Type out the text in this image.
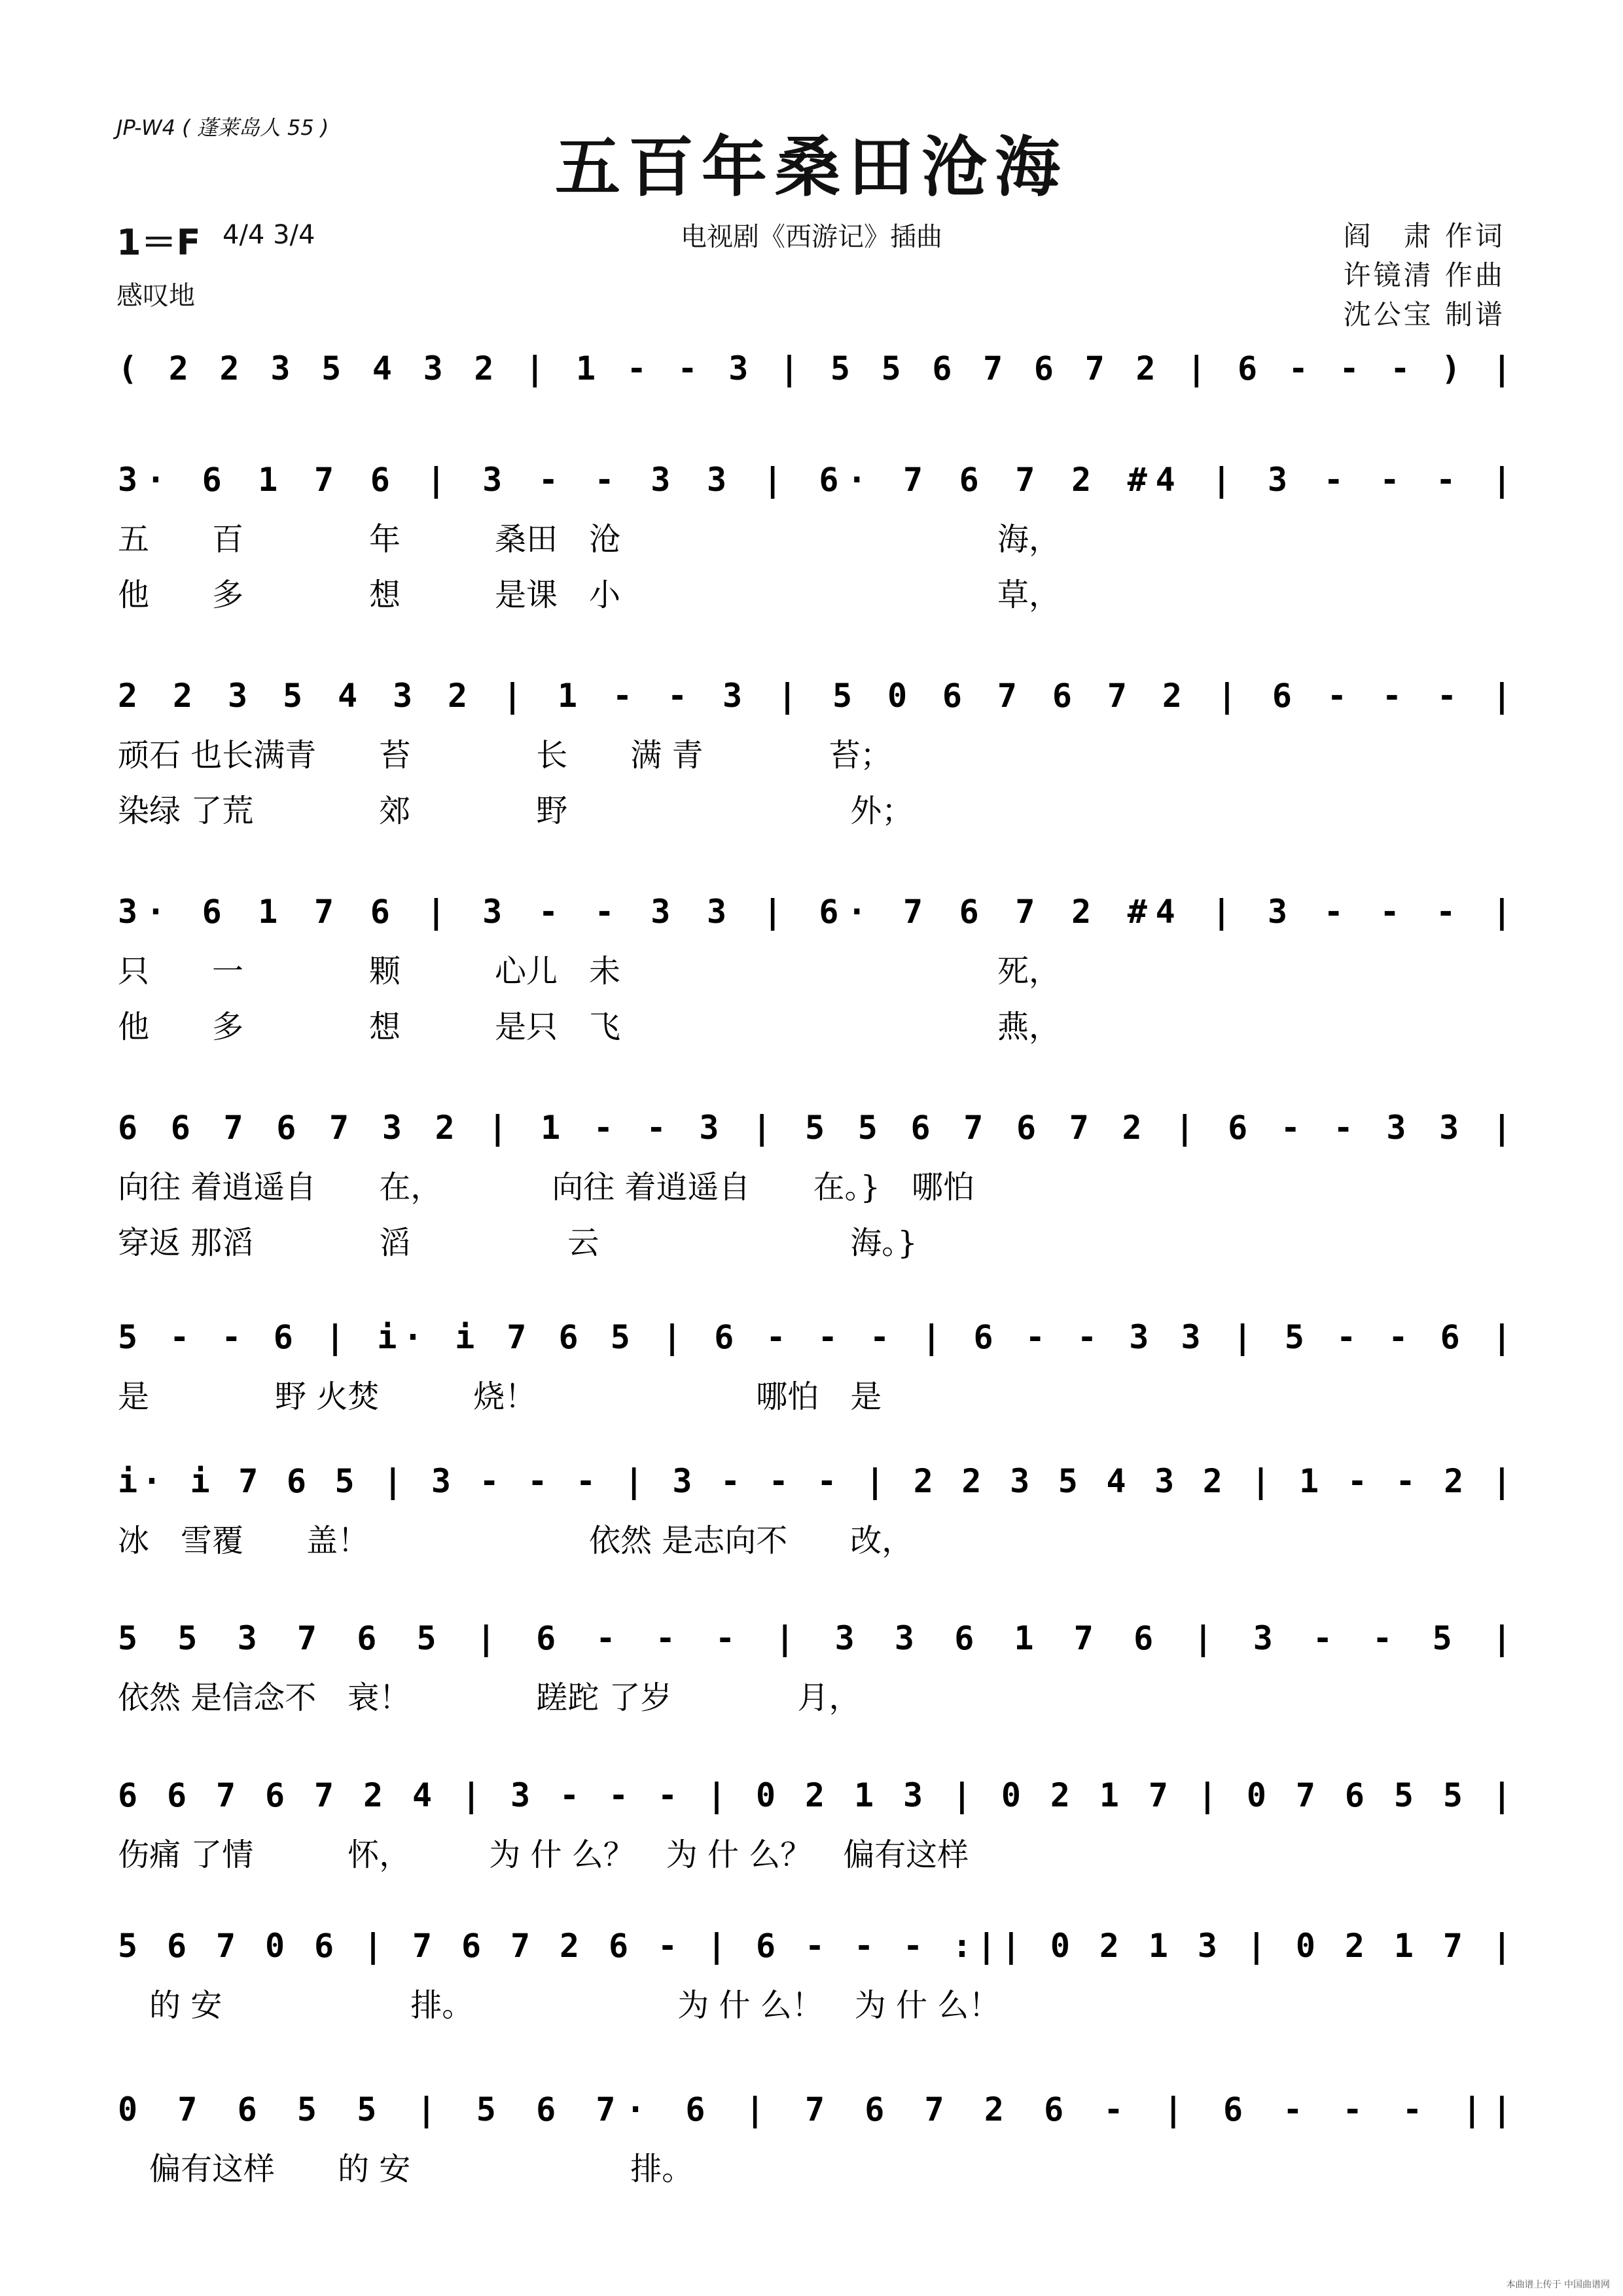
JP-W4 ( 蓬莱岛人 55 )
五百年桑田沧海
1＝F 4/4 3/4	电视剧《西游记》插曲
感叹地
阎　肃 作词
许镜清 作曲
沈公宝 制谱
( 2 2 3 5 4 3 2 | 1 - - 3 | 5 5 6 7 6 7 2 | 6 - - - ) |
3· 6 1 7 6 | 3 - - 3 3 | 6· 7 6 7 2 #4 | 3 - - - |
五　　百　　　　年　　　桑田　沧　　　　　　　　　　　　海，
他　　多　　　　想　　　是课　小　　　　　　　　　　　　草，
2 2 3 5 4 3 2 | 1 - - 3 | 5 0 6 7 6 7 2 | 6 - - - |
顽石 也长满青　　苔　　　　长　　满 青　　　　苔；
染绿 了荒　　　　郊　　　　野　　　　　　　　　外；
3· 6 1 7 6 | 3 - - 3 3 | 6· 7 6 7 2 #4 | 3 - - - |
只　　一　　　　颗　　　心儿　未　　　　　　　　　　　　死，
他　　多　　　　想　　　是只　飞　　　　　　　　　　　　燕，
6 6 7 6 7 3 2 | 1 - - 3 | 5 5 6 7 6 7 2 | 6 - - 3 3 |
向往 着逍遥自　　在，　　　　向往 着逍遥自　　在。}　哪怕
穿返 那滔　　　　滔　　　　　云　　　　　　　　海。}
5 - - 6 | i· i 7 6 5 | 6 - - - | 6 - - 3 3 | 5 - - 6 |
是　　　　野 火焚　　　烧！　　　　　　　哪怕　是
i· i 7 6 5 | 3 - - - | 3 - - - | 2 2 3 5 4 3 2 | 1 - - 2 |
冰　雪覆　　盖！　　　　　　　依然 是志向不　　改，
5 5 3 7 6 5 | 6 - - - | 3 3 6 1 7 6 | 3 - - 5 |
依然 是信念不　衰！　　　　蹉跎 了岁　　　　月，
6 6 7 6 7 2 4 | 3 - - - | 0 2 1 3 | 0 2 1 7 | 0 7 6 5 5 |
伤痛 了情　　　怀，　　　为 什 么？　为 什 么？　偏有这样
5 6 7 0 6 | 7 6 7 2 6 - | 6 - - - :|| 0 2 1 3 | 0 2 1 7 |
　的 安　　　　　　排。　　　　　　　为 什 么！　为 什 么！
0 7 6 5 5 | 5 6 7· 6 | 7 6 7 2 6 - | 6 - - - ||
　偏有这样　　的 安　　　　　　　排。
本曲谱上传于 中国曲谱网
